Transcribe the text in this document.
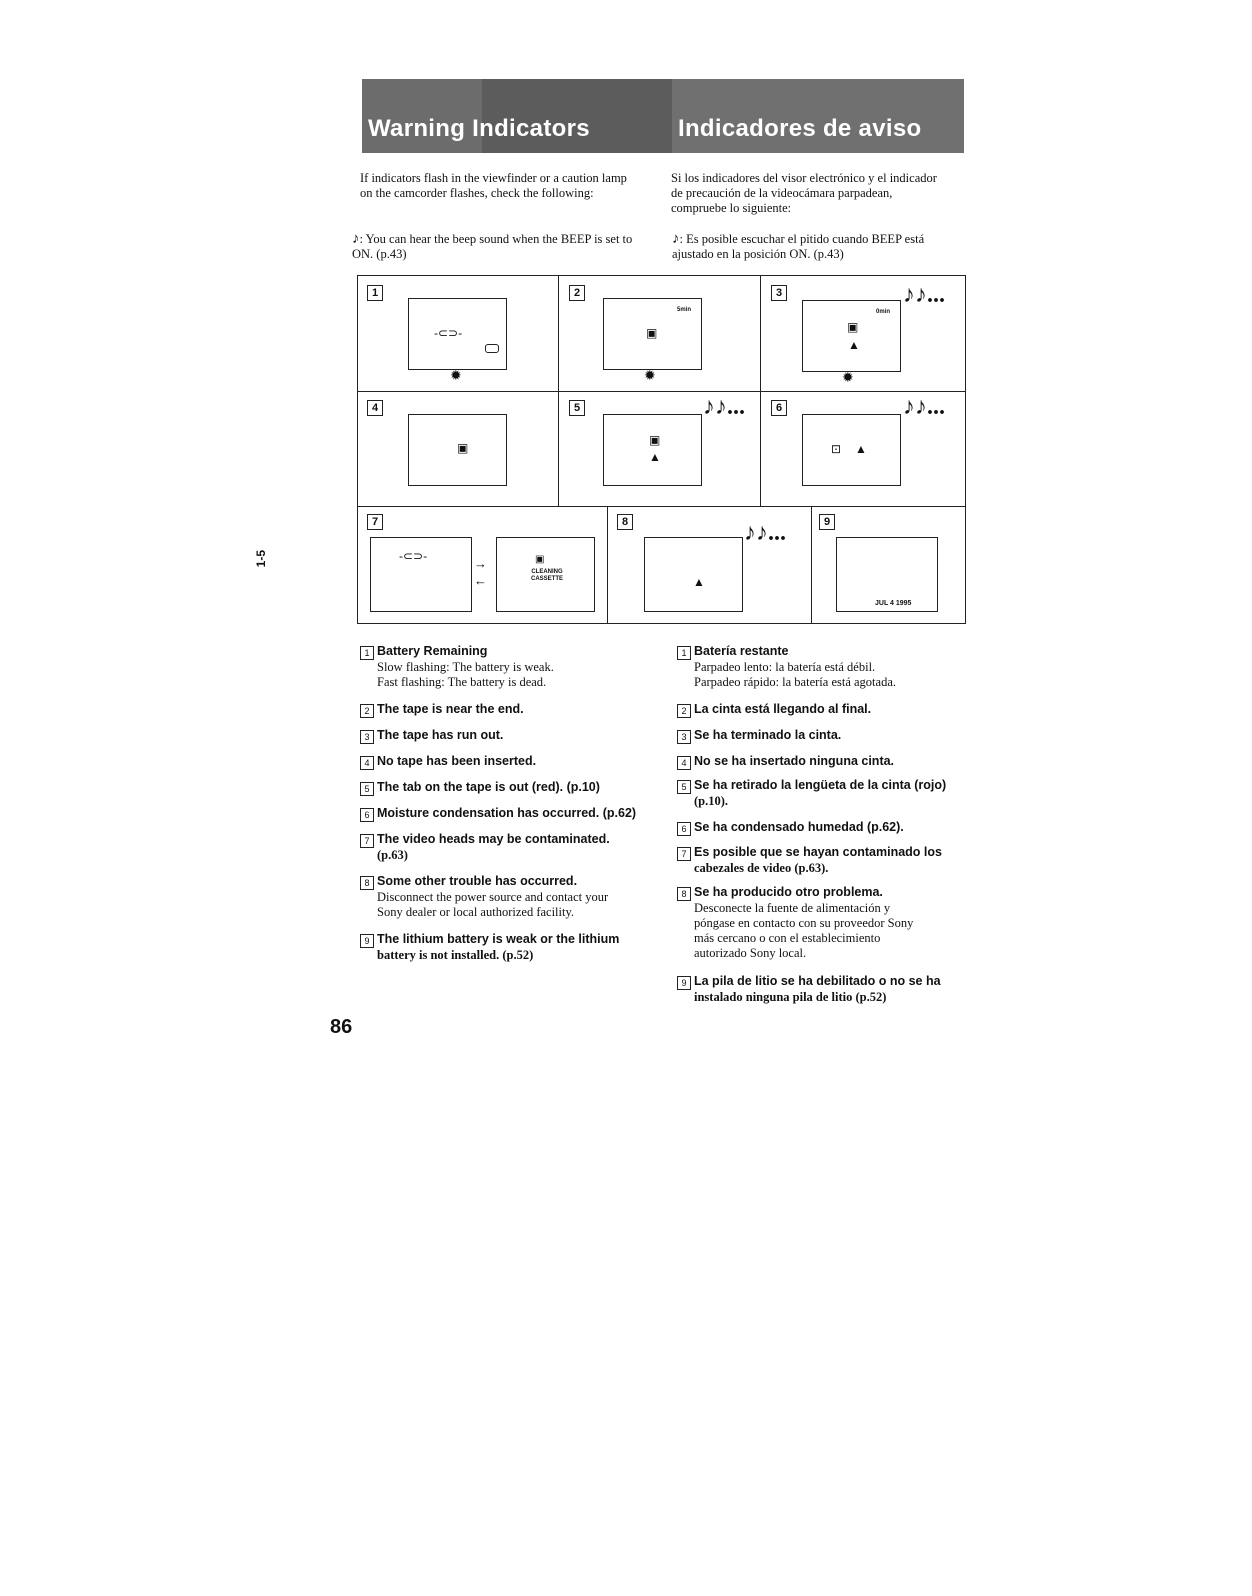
Warning Indicators	Indicadores de aviso
If indicators flash in the viewfinder or a caution lamp on the camcorder flashes, check the following:
Si los indicadores del visor electrónico y el indicador de precaución de la videocámara parpadean, compruebe lo siguiente:
♪: You can hear the beep sound when the BEEP is set to ON. (p.43)
♪: Es posible escuchar el pitido cuando BEEP está ajustado en la posición ON. (p.43)
1
-⊂⊃-
✹
2
5min
▣
✹
3
0min
▣
▲
♪♪...
✹
4
▣
5
▣
▲
♪♪...	6
⊡ ▲
♪♪...
7
-⊂⊃-	→
←
▣
CLEANING CASSETTE
8
▲
♪♪...	9
JUL 4 1995
1 Battery Remaining
Slow flashing: The battery is weak.
Fast flashing: The battery is dead.
2 The tape is near the end.
3 The tape has run out.
4 No tape has been inserted.
5 The tab on the tape is out (red). (p.10)
6 Moisture condensation has occurred. (p.62)
7 The video heads may be contaminated.
(p.63)
8 Some other trouble has occurred.
Disconnect the power source and contact your
Sony dealer or local authorized facility.
9 The lithium battery is weak or the lithium
battery is not installed. (p.52)
1 Batería restante
Parpadeo lento: la batería está débil.
Parpadeo rápido: la batería está agotada.
2 La cinta está llegando al final.
3 Se ha terminado la cinta.
4 No se ha insertado ninguna cinta.
5 Se ha retirado la lengüeta de la cinta (rojo)
(p.10).
6 Se ha condensado humedad (p.62).
7 Es posible que se hayan contaminado los
cabezales de video (p.63).
8 Se ha producido otro problema.
Desconecte la fuente de alimentación y
póngase en contacto con su proveedor Sony
más cercano o con el establecimiento
autorizado Sony local.
9 La pila de litio se ha debilitado o no se ha
instalado ninguna pila de litio (p.52)
1-5
86
